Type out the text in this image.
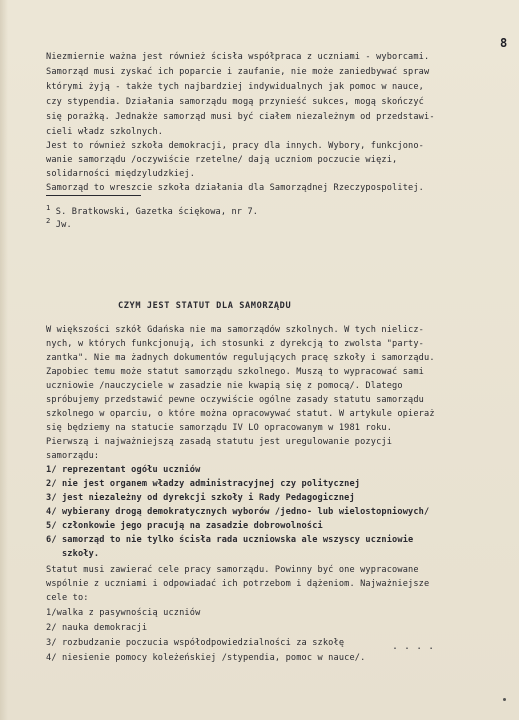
8
Niezmiernie ważna jest również ścisła współpraca z uczniami - wyborcami.
Samorząd musi zyskać ich poparcie i zaufanie, nie może zaniedbywać spraw
którymi żyją - także tych najbardziej indywidualnych jak pomoc w nauce,
czy stypendia. Działania samorządu mogą przynieść sukces, mogą skończyć
się porażką. Jednakże samorząd musi być ciałem niezależnym od przedstawi-
cieli władz szkolnych.
Jest to również szkoła demokracji, pracy dla innych. Wybory, funkcjono-
wanie samorządu /oczywiście rzetelne/ dają uczniom poczucie więzi,
solidarności międzyludzkiej.
Samorząd to wreszcie szkoła działania dla Samorządnej Rzeczypospolitej.
$^1$ S. Bratkowski, Gazetka ściękowa, nr 7.
$^2$ Jw.
CZYM JEST STATUT DLA SAMORZĄDU
W większości szkół Gdańska nie ma samorządów szkolnych. W tych nielicz-
nych, w których funkcjonują, ich stosunki z dyrekcją to zwolsta "party-
zantka". Nie ma żadnych dokumentów regulujących pracę szkoły i samorządu.
Zapobiec temu może statut samorządu szkolnego. Muszą to wypracować sami
uczniowie /nauczyciele w zasadzie nie kwapią się z pomocą/. Dlatego
spróbujemy przedstawić pewne oczywiście ogólne zasady statutu samorządu
szkolnego w oparciu, o które można opracowywać statut. W artykule opieraż
się będziemy na statucie samorządu IV LO opracowanym w 1981 roku.
Pierwszą i najważniejszą zasadą statutu jest uregulowanie pozycji
samorządu:
1/ reprezentant ogółu uczniów
2/ nie jest organem władzy administracyjnej czy politycznej
3/ jest niezależny od dyrekcji szkoły i Rady Pedagogicznej
4/ wybierany drogą demokratycznych wyborów /jedno- lub wielostopniowych/
5/ członkowie jego pracują na zasadzie dobrowolności
6/ samorząd to nie tylko ścisła rada uczniowska ale wszyscy uczniowie
szkoły.
Statut musi zawierać cele pracy samorządu. Powinny być one wypracowane
wspólnie z uczniami i odpowiadać ich potrzebom i dążeniom. Najważniejsze
cele to:
1/walka z pasywnością uczniów
2/ nauka demokracji
3/ rozbudzanie poczucia współodpowiedzialności za szkołę
4/ niesienie pomocy koleżeńskiej /stypendia, pomoc w nauce/.
. . . .
